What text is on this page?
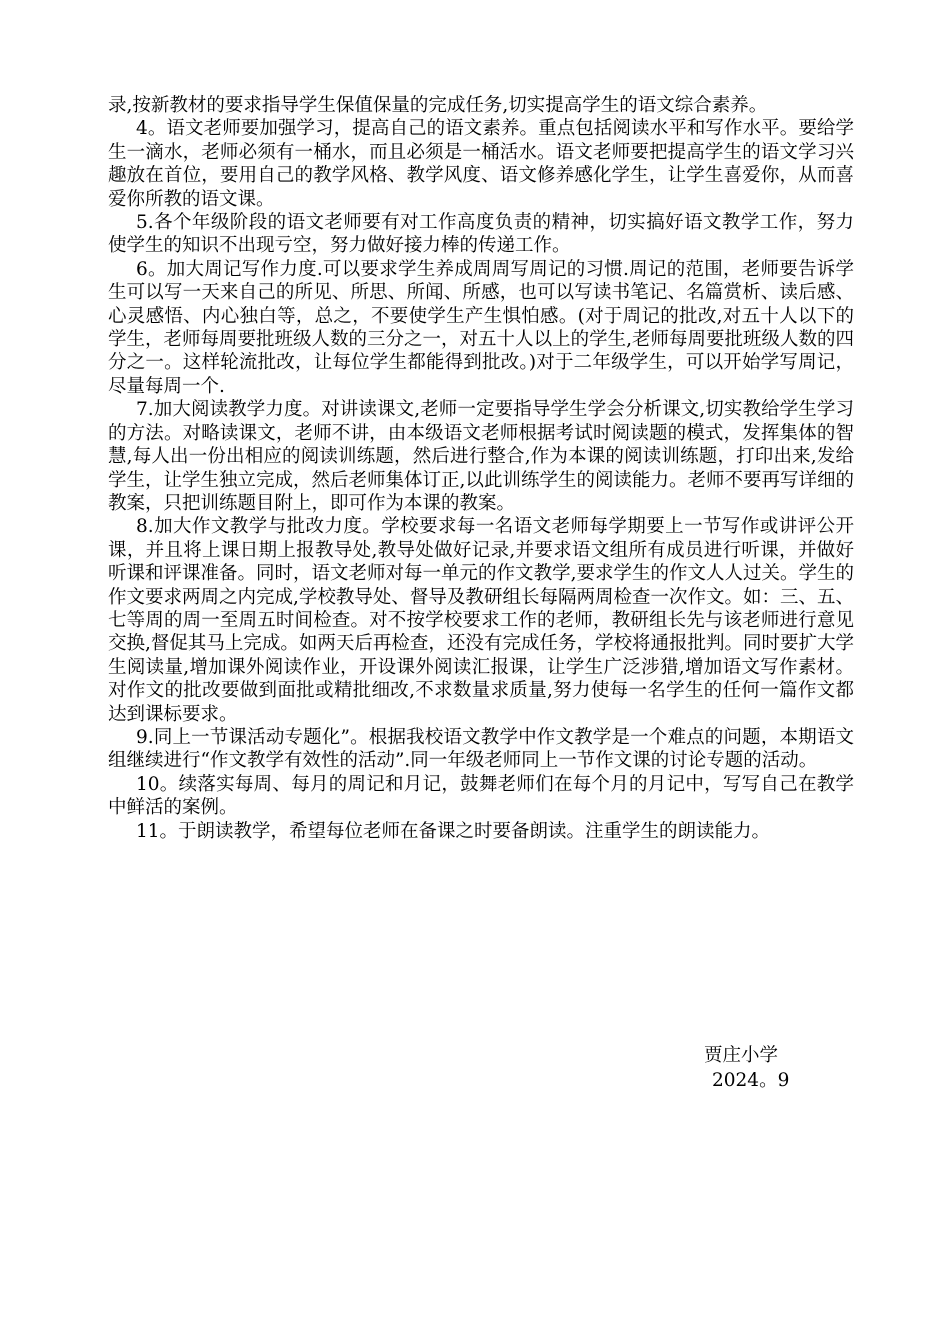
录,按新教材的要求指导学生保值保量的完成任务,切实提高学生的语文综合素养。

4。语文老师要加强学习，提高自己的语文素养。重点包括阅读水平和写作水平。要给学生一滴水，老师必须有一桶水，而且必须是一桶活水。语文老师要把提高学生的语文学习兴趣放在首位，要用自己的教学风格、教学风度、语文修养感化学生，让学生喜爱你，从而喜爱你所教的语文课。

5.各个年级阶段的语文老师要有对工作高度负责的精神，切实搞好语文教学工作，努力使学生的知识不出现亏空，努力做好接力棒的传递工作。

6。加大周记写作力度.可以要求学生养成周周写周记的习惯.周记的范围，老师要告诉学生可以写一天来自己的所见、所思、所闻、所感，也可以写读书笔记、名篇赏析、读后感、心灵感悟、内心独白等，总之，不要使学生产生惧怕感。(对于周记的批改,对五十人以下的学生，老师每周要批班级人数的三分之一，对五十人以上的学生,老师每周要批班级人数的四分之一。这样轮流批改，让每位学生都能得到批改。)对于二年级学生，可以开始学写周记，尽量每周一个.

7.加大阅读教学力度。对讲读课文,老师一定要指导学生学会分析课文,切实教给学生学习的方法。对略读课文，老师不讲，由本级语文老师根据考试时阅读题的模式，发挥集体的智慧,每人出一份出相应的阅读训练题，然后进行整合,作为本课的阅读训练题，打印出来,发给学生，让学生独立完成，然后老师集体订正,以此训练学生的阅读能力。老师不要再写详细的教案，只把训练题目附上，即可作为本课的教案。

8.加大作文教学与批改力度。学校要求每一名语文老师每学期要上一节写作或讲评公开课，并且将上课日期上报教导处,教导处做好记录,并要求语文组所有成员进行听课，并做好听课和评课准备。同时，语文老师对每一单元的作文教学,要求学生的作文人人过关。学生的作文要求两周之内完成,学校教导处、督导及教研组长每隔两周检查一次作文。如：三、五、七等周的周一至周五时间检查。对不按学校要求工作的老师，教研组长先与该老师进行意见交换,督促其马上完成。如两天后再检查，还没有完成任务，学校将通报批判。同时要扩大学生阅读量,增加课外阅读作业，开设课外阅读汇报课，让学生广泛涉猎,增加语文写作素材。对作文的批改要做到面批或精批细改,不求数量求质量,努力使每一名学生的任何一篇作文都达到课标要求。

9.同上一节课活动专题化”。根据我校语文教学中作文教学是一个难点的问题，本期语文组继续进行“作文教学有效性的活动”.同一年级老师同上一节作文课的讨论专题的活动。

10。续落实每周、每月的周记和月记，鼓舞老师们在每个月的月记中，写写自己在教学中鲜活的案例。

11。于朗读教学，希望每位老师在备课之时要备朗读。注重学生的朗读能力。

贾庄小学
2024。9
